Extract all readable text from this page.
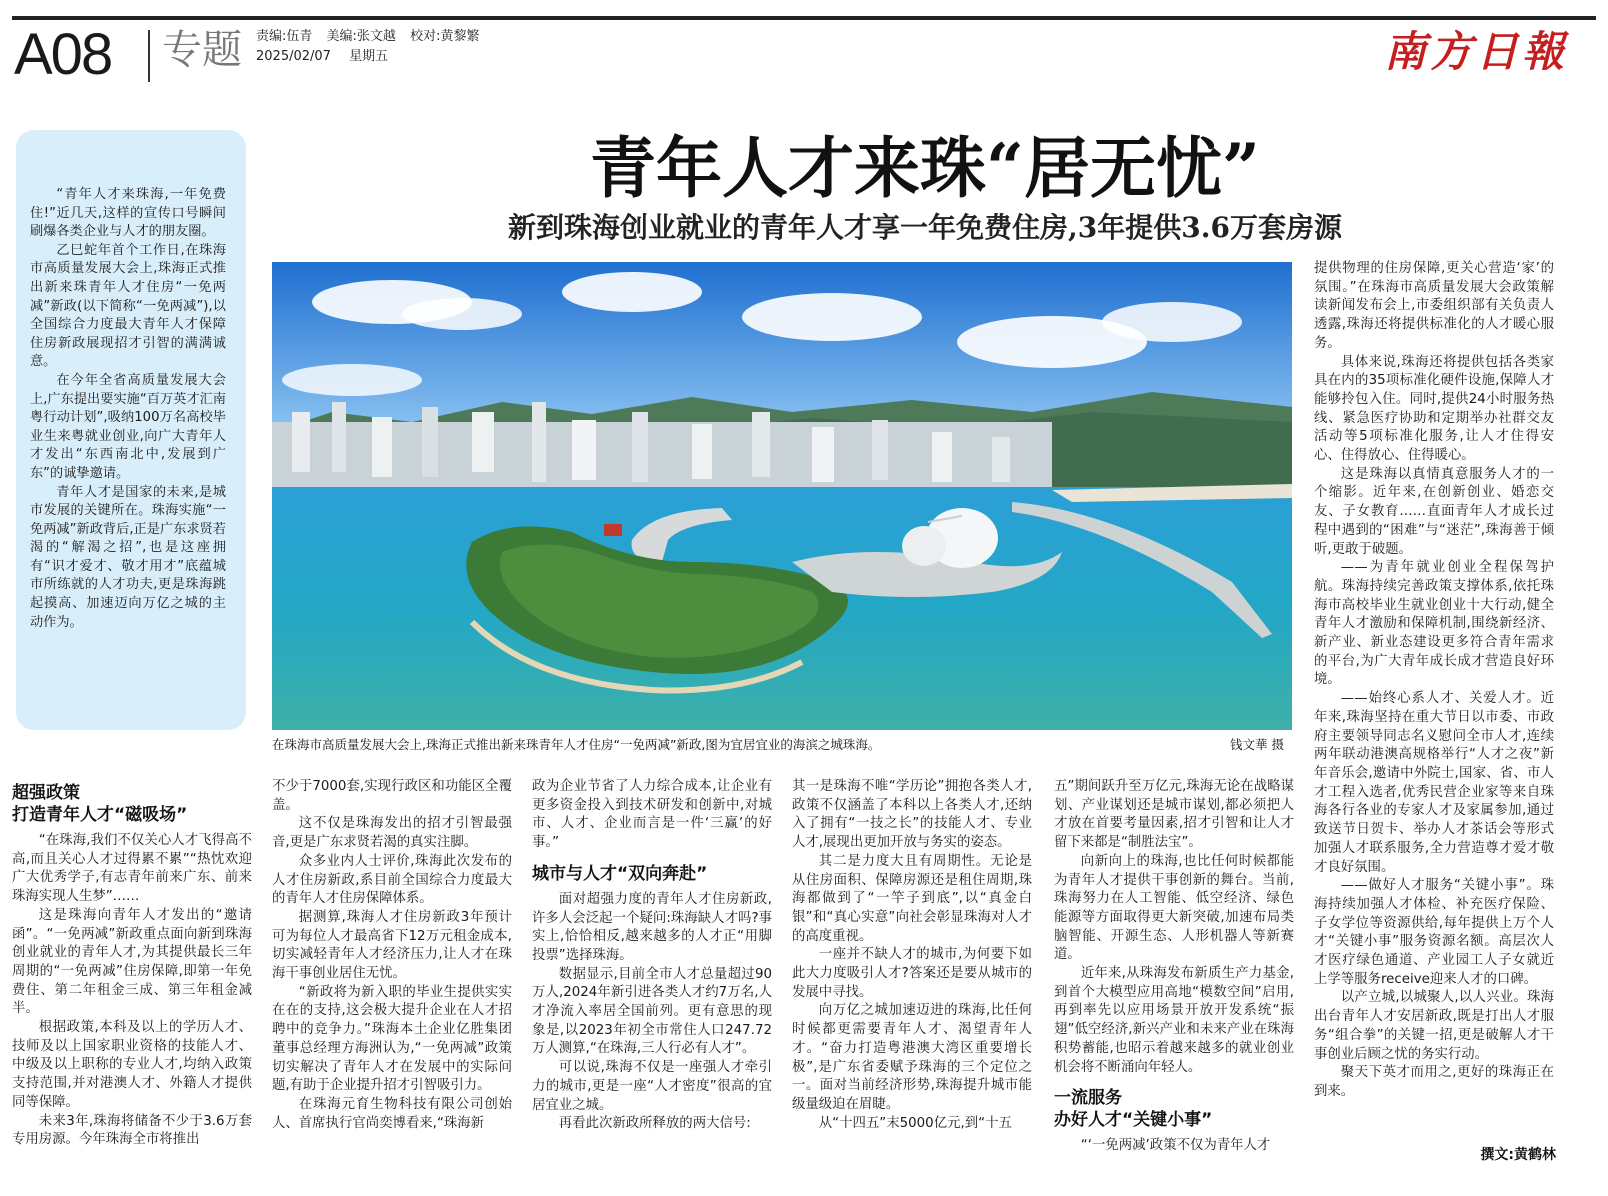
A08 专题 责编:伍青 美编:张文越 校对:黄黎繁
2025/02/07 星期五	南方日報

“青年人才来珠海,一年免费住!”近几天,这样的宣传口号瞬间刷爆各类企业与人才的朋友圈。

乙巳蛇年首个工作日,在珠海市高质量发展大会上,珠海正式推出新来珠青年人才住房“一免两减”新政(以下简称“一免两减”),以全国综合力度最大青年人才保障住房新政展现招才引智的满满诚意。

在今年全省高质量发展大会上,广东提出要实施“百万英才汇南粤行动计划”,吸纳100万名高校毕业生来粤就业创业,向广大青年人才发出“东西南北中,发展到广东”的诚挚邀请。

青年人才是国家的未来,是城市发展的关键所在。珠海实施“一免两减”新政背后,正是广东求贤若渴的“解渴之招”,也是这座拥有“识才爱才、敬才用才”底蕴城市所练就的人才功夫,更是珠海跳起摸高、加速迈向万亿之城的主动作为。

青年人才来珠“居无忧”
新到珠海创业就业的青年人才享一年免费住房,3年提供3.6万套房源
在珠海市高质量发展大会上,珠海正式推出新来珠青年人才住房“一免两减”新政,图为宜居宜业的海滨之城珠海。	钱文華 摄
超强政策
打造青年人才“磁吸场”

“在珠海,我们不仅关心人才飞得高不高,而且关心人才过得累不累”“热忱欢迎广大优秀学子,有志青年前来广东、前来珠海实现人生梦”……

这是珠海向青年人才发出的“邀请函”。“一免两减”新政重点面向新到珠海创业就业的青年人才,为其提供最长三年周期的“一免两减”住房保障,即第一年免费住、第二年租金三成、第三年租金减半。

根据政策,本科及以上的学历人才、技师及以上国家职业资格的技能人才、中级及以上职称的专业人才,均纳入政策支持范围,并对港澳人才、外籍人才提供同等保障。

未来3年,珠海将储备不少于3.6万套专用房源。今年珠海全市将推出

不少于7000套,实现行政区和功能区全覆盖。

这不仅是珠海发出的招才引智最强音,更是广东求贤若渴的真实注脚。

众多业内人士评价,珠海此次发布的人才住房新政,系目前全国综合力度最大的青年人才住房保障体系。

据测算,珠海人才住房新政3年预计可为每位人才最高省下12万元租金成本,切实减轻青年人才经济压力,让人才在珠海干事创业居住无忧。

“新政将为新入职的毕业生提供实实在在的支持,这会极大提升企业在人才招聘中的竞争力。”珠海本土企业亿胜集团董事总经理方海洲认为,“一免两减”政策切实解决了青年人才在发展中的实际问题,有助于企业提升招才引智吸引力。

在珠海元育生物科技有限公司创始人、首席执行官尚奕博看来,“珠海新

政为企业节省了人力综合成本,让企业有更多资金投入到技术研发和创新中,对城市、人才、企业而言是一件‘三赢’的好事。”

城市与人才“双向奔赴”

面对超强力度的青年人才住房新政,许多人会泛起一个疑问:珠海缺人才吗?事实上,恰恰相反,越来越多的人才正“用脚投票”选择珠海。

数据显示,目前全市人才总量超过90万人,2024年新引进各类人才约7万名,人才净流入率居全国前列。更有意思的现象是,以2023年初全市常住人口247.72万人测算,“在珠海,三人行必有人才”。

可以说,珠海不仅是一座强人才牵引力的城市,更是一座“人才密度”很高的宜居宜业之城。

再看此次新政所释放的两大信号:

其一是珠海不唯“学历论”拥抱各类人才,政策不仅涵盖了本科以上各类人才,还纳入了拥有“一技之长”的技能人才、专业人才,展现出更加开放与务实的姿态。

其二是力度大且有周期性。无论是从住房面积、保障房源还是租住周期,珠海都做到了“一竿子到底”,以“真金白银”和“真心实意”向社会彰显珠海对人才的高度重视。

一座并不缺人才的城市,为何要下如此大力度吸引人才?答案还是要从城市的发展中寻找。

向万亿之城加速迈进的珠海,比任何时候都更需要青年人才、渴望青年人才。“奋力打造粤港澳大湾区重要增长极”,是广东省委赋予珠海的三个定位之一。面对当前经济形势,珠海提升城市能级量级迫在眉睫。

从“十四五”末5000亿元,到“十五

五”期间跃升至万亿元,珠海无论在战略谋划、产业谋划还是城市谋划,都必须把人才放在首要考量因素,招才引智和让人才留下来都是“制胜法宝”。

向新向上的珠海,也比任何时候都能为青年人才提供干事创新的舞台。当前,珠海努力在人工智能、低空经济、绿色能源等方面取得更大新突破,加速布局类脑智能、开源生态、人形机器人等新赛道。

近年来,从珠海发布新质生产力基金,到首个大模型应用高地“模数空间”启用,再到率先以应用场景开放开发系统“振翅”低空经济,新兴产业和未来产业在珠海积势蓄能,也昭示着越来越多的就业创业机会将不断涌向年轻人。

一流服务
办好人才“关键小事”

“‘一免两减’政策不仅为青年人才

提供物理的住房保障,更关心营造‘家’的氛围。”在珠海市高质量发展大会政策解读新闻发布会上,市委组织部有关负责人透露,珠海还将提供标准化的人才暖心服务。

具体来说,珠海还将提供包括各类家具在内的35项标准化硬件设施,保障人才能够拎包入住。同时,提供24小时服务热线、紧急医疗协助和定期举办社群交友活动等5项标准化服务,让人才住得安心、住得放心、住得暖心。

这是珠海以真情真意服务人才的一个缩影。近年来,在创新创业、婚恋交友、子女教育……直面青年人才成长过程中遇到的“困难”与“迷茫”,珠海善于倾听,更敢于破题。

——为青年就业创业全程保驾护航。珠海持续完善政策支撑体系,依托珠海市高校毕业生就业创业十大行动,健全青年人才激励和保障机制,围绕新经济、新产业、新业态建设更多符合青年需求的平台,为广大青年成长成才营造良好环境。

——始终心系人才、关爱人才。近年来,珠海坚持在重大节日以市委、市政府主要领导同志名义慰问全市人才,连续两年联动港澳高规格举行“人才之夜”新年音乐会,邀请中外院士,国家、省、市人才工程入选者,优秀民营企业家等来自珠海各行各业的专家人才及家属参加,通过致送节日贺卡、举办人才茶话会等形式加强人才联系服务,全力营造尊才爱才敬才良好氛围。

——做好人才服务“关键小事”。珠海持续加强人才体检、补充医疗保险、子女学位等资源供给,每年提供上万个人才“关键小事”服务资源名额。高层次人才医疗绿色通道、产业园工人子女就近上学等服务receive迎来人才的口碑。

以产立城,以城聚人,以人兴业。珠海出台青年人才安居新政,既是打出人才服务“组合拳”的关键一招,更是破解人才干事创业后顾之忧的务实行动。

聚天下英才而用之,更好的珠海正在到来。

撰文:黄鹤林
